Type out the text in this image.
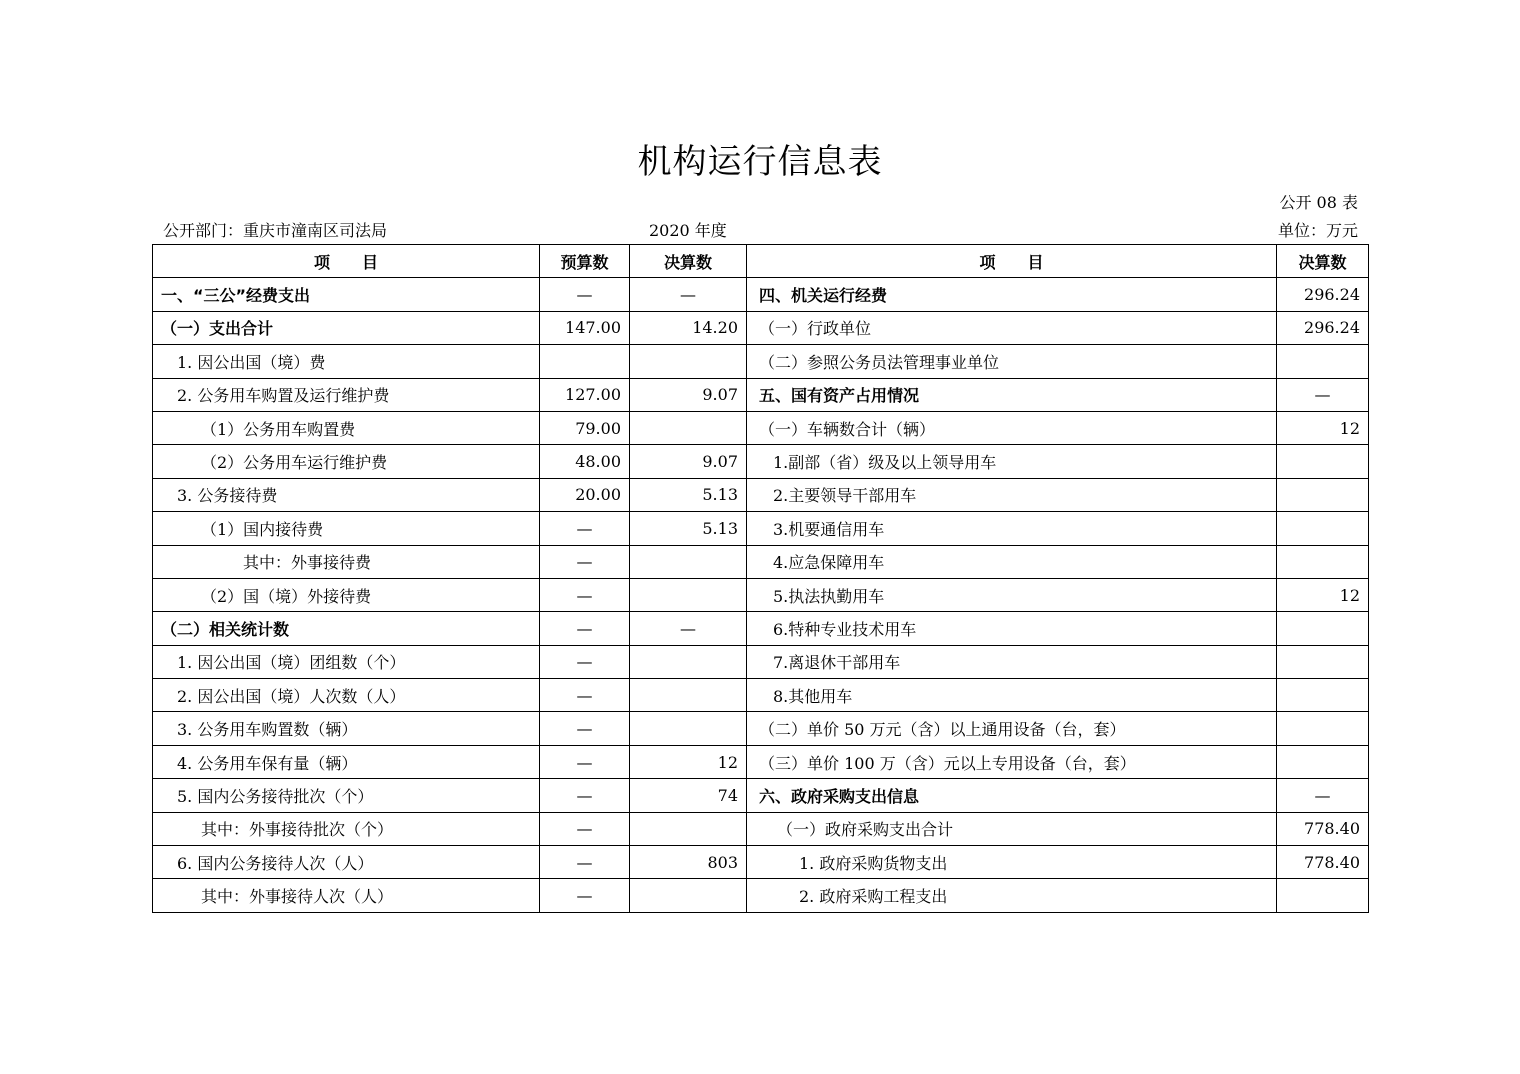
机构运行信息表
公开 08 表
公开部门：重庆市潼南区司法局	2020 年度	单位：万元
项　　目	预算数	决算数	项　　目	决算数
一、“三公”经费支出	—	—	四、机关运行经费	296.24
（一）支出合计	147.00	14.20	（一）行政单位	296.24
1. 因公出国（境）费			（二）参照公务员法管理事业单位	
2. 公务用车购置及运行维护费	127.00	9.07	五、国有资产占用情况	—
（1）公务用车购置费	79.00		（一）车辆数合计（辆）	12
（2）公务用车运行维护费	48.00	9.07	1.副部（省）级及以上领导用车	
3. 公务接待费	20.00	5.13	2.主要领导干部用车	
（1）国内接待费	—	5.13	3.机要通信用车	
其中：外事接待费	—		4.应急保障用车	
（2）国（境）外接待费	—		5.执法执勤用车	12
（二）相关统计数	—	—	6.特种专业技术用车	
1. 因公出国（境）团组数（个）	—		7.离退休干部用车	
2. 因公出国（境）人次数（人）	—		8.其他用车	
3. 公务用车购置数（辆）	—		（二）单价 50 万元（含）以上通用设备（台，套）	
4. 公务用车保有量（辆）	—	12	（三）单价 100 万（含）元以上专用设备（台，套）	
5. 国内公务接待批次（个）	—	74	六、政府采购支出信息	—
其中：外事接待批次（个）	—		（一）政府采购支出合计	778.40
6. 国内公务接待人次（人）	—	803	1. 政府采购货物支出	778.40
其中：外事接待人次（人）	—		2. 政府采购工程支出	
